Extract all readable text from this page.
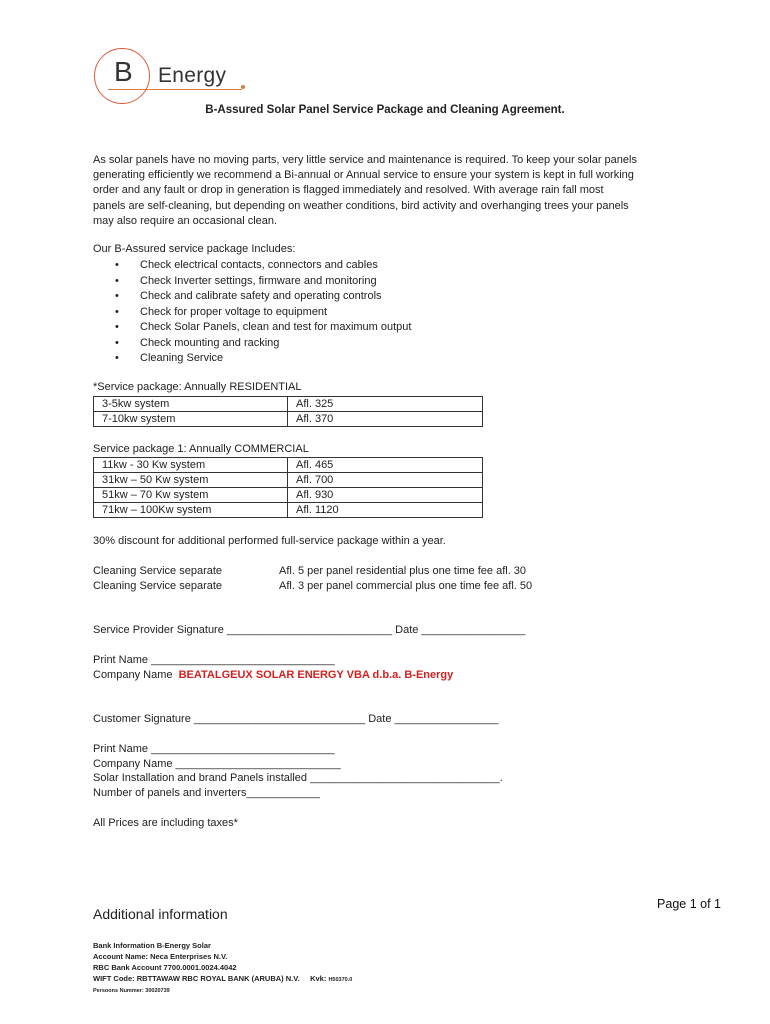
B Energy
B-Assured Solar Panel Service Package and Cleaning Agreement.

As solar panels have no moving parts, very little service and maintenance is required. To keep your solar panels

generating efficiently we recommend a Bi-annual or Annual service to ensure your system is kept in full working

order and any fault or drop in generation is flagged immediately and resolved. With average rain fall most

panels are self-cleaning, but depending on weather conditions, bird activity and overhanging trees your panels

may also require an occasional clean.

Our B-Assured service package Includes:
• Check electrical contacts, connectors and cables
• Check Inverter settings, firmware and monitoring
• Check and calibrate safety and operating controls
• Check for proper voltage to equipment
• Check Solar Panels, clean and test for maximum output
• Check mounting and racking
• Cleaning Service
*Service package: Annually RESIDENTIAL
3-5kw system	Afl. 325
7-10kw system	Afl. 370
Service package 1: Annually COMMERCIAL
11kw - 30 Kw system	Afl. 465
31kw – 50 Kw system	Afl. 700
51kw – 70 Kw system	Afl. 930
71kw – 100Kw system	Afl. 1120
30% discount for additional performed full-service package within a year.
Cleaning Service separate	Afl. 5 per panel residential plus one time fee afl. 30
Cleaning Service separate	Afl. 3 per panel commercial plus one time fee afl. 50
Service Provider Signature ___________________________ Date _________________
Print Name ______________________________
Company Name BEATALGEUX SOLAR ENERGY VBA d.b.a. B-Energy
Customer Signature ____________________________ Date _________________
Print Name ______________________________
Company Name ___________________________
Solar Installation and brand Panels installed _______________________________.
Number of panels and inverters____________
All Prices are including taxes*
Page 1 of 1
Additional information
Bank Information B-Energy Solar
Account Name: Neca Enterprises N.V.
RBC Bank Account 7700.0001.0024.4042
WIFT Code: RBTTAWAW RBC ROYAL BANK (ARUBA) N.V. Kvk: H50370.0
Persoons Nummer: 30020739
